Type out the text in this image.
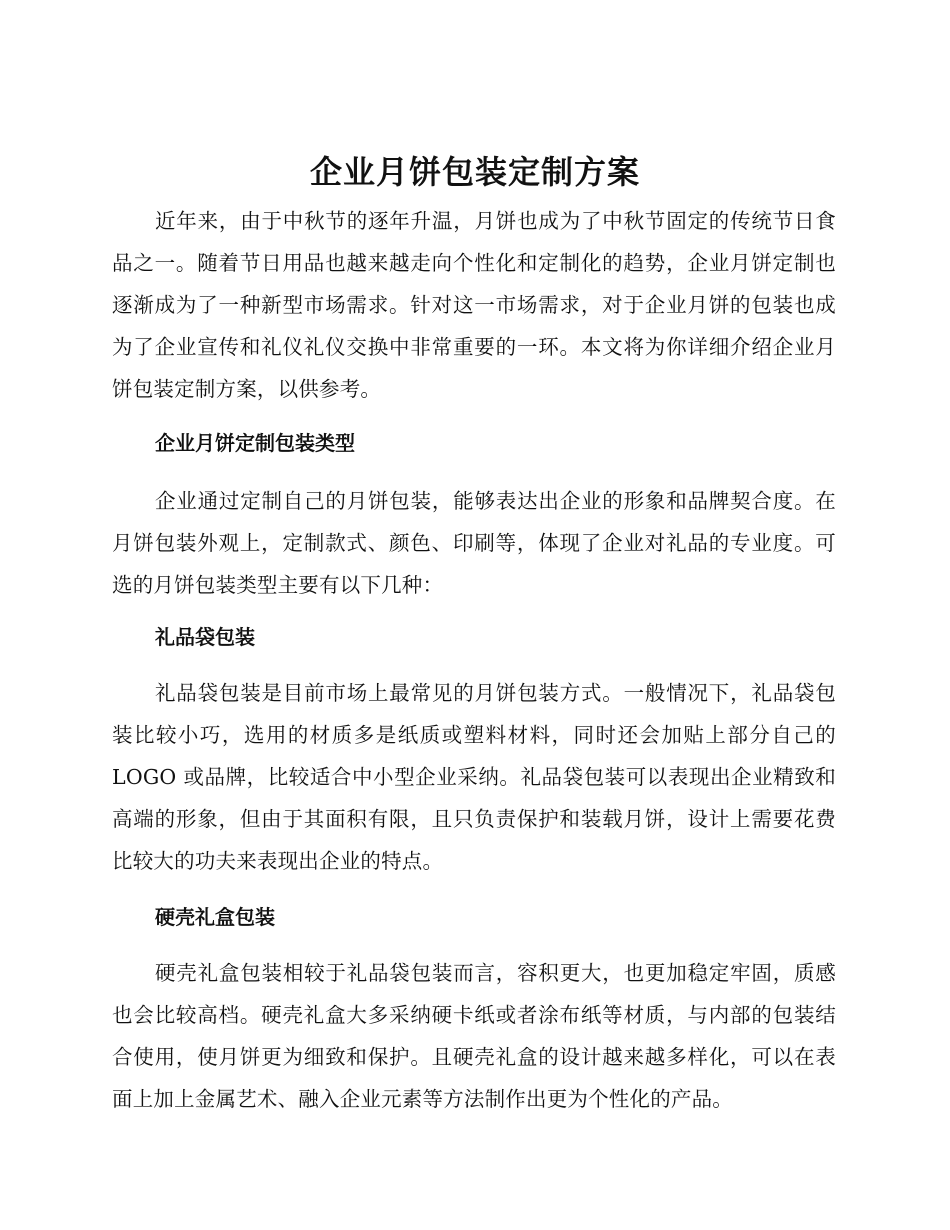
企业月饼包装定制方案

近年来，由于中秋节的逐年升温，月饼也成为了中秋节固定的传统节日食品之一。随着节日用品也越来越走向个性化和定制化的趋势，企业月饼定制也逐渐成为了一种新型市场需求。针对这一市场需求，对于企业月饼的包装也成为了企业宣传和礼仪礼仪交换中非常重要的一环。本文将为你详细介绍企业月饼包装定制方案，以供参考。

企业月饼定制包装类型

企业通过定制自己的月饼包装，能够表达出企业的形象和品牌契合度。在月饼包装外观上，定制款式、颜色、印刷等，体现了企业对礼品的专业度。可选的月饼包装类型主要有以下几种：

礼品袋包装

礼品袋包装是目前市场上最常见的月饼包装方式。一般情况下，礼品袋包装比较小巧，选用的材质多是纸质或塑料材料，同时还会加贴上部分自己的 LOGO 或品牌，比较适合中小型企业采纳。礼品袋包装可以表现出企业精致和高端的形象，但由于其面积有限，且只负责保护和装载月饼，设计上需要花费比较大的功夫来表现出企业的特点。

硬壳礼盒包装

硬壳礼盒包装相较于礼品袋包装而言，容积更大，也更加稳定牢固，质感也会比较高档。硬壳礼盒大多采纳硬卡纸或者涂布纸等材质，与内部的包装结合使用，使月饼更为细致和保护。且硬壳礼盒的设计越来越多样化，可以在表面上加上金属艺术、融入企业元素等方法制作出更为个性化的产品。
